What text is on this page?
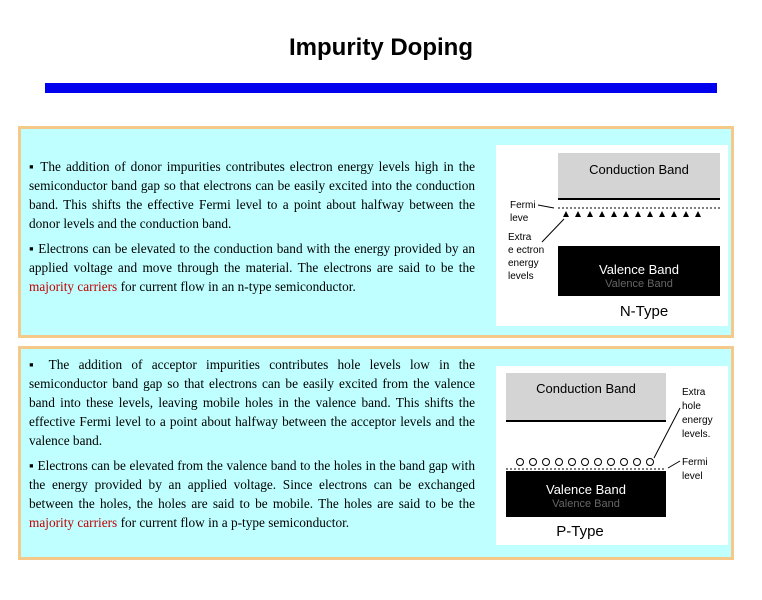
Impurity Doping

▪ The addition of donor impurities contributes electron energy levels high in the semiconductor band gap so that electrons can be easily excited into the conduction band. This shifts the effective Fermi level to a point about halfway between the donor levels and the conduction band.

▪ Electrons can be elevated to the conduction band with the energy provided by an applied voltage and move through the material. The electrons are said to be the majority carriers for current flow in an n-type semiconductor.

Conduction Band
Fermi
leve
Extra
e ectron
energy
levels
Valence Band
Valence Band
N-Type

▪ The addition of acceptor impurities contributes hole levels low in the semiconductor band gap so that electrons can be easily excited from the valence band into these levels, leaving mobile holes in the valence band. This shifts the effective Fermi level to a point about halfway between the acceptor levels and the valence band.

▪ Electrons can be elevated from the valence band to the holes in the band gap with the energy provided by an applied voltage. Since electrons can be exchanged between the holes, the holes are said to be mobile. The holes are said to be the majority carriers for current flow in a p-type semiconductor.

Conduction Band	Extra
hole
energy
levels.
Fermi
level
Valence Band
Valence Band
P-Type
